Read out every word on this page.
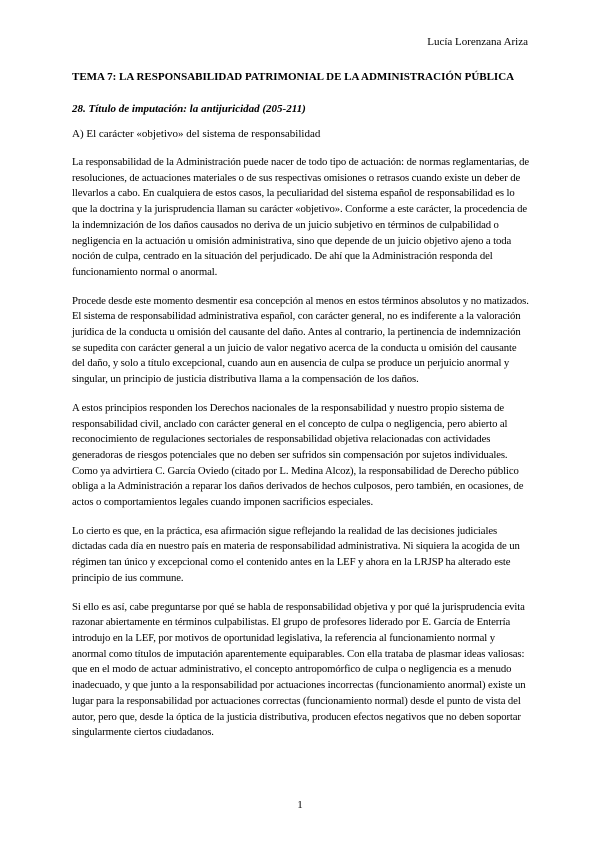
Lucía Lorenzana Ariza
TEMA 7: LA RESPONSABILIDAD PATRIMONIAL DE LA ADMINISTRACIÓN PÚBLICA
28. Título de imputación: la antijuricidad (205-211)
A) El carácter «objetivo» del sistema de responsabilidad

La responsabilidad de la Administración puede nacer de todo tipo de actuación: de normas reglamentarias, de resoluciones, de actuaciones materiales o de sus respectivas omisiones o retrasos cuando existe un deber de llevarlos a cabo. En cualquiera de estos casos, la peculiaridad del sistema español de responsabilidad es lo que la doctrina y la jurisprudencia llaman su carácter «objetivo». Conforme a este carácter, la procedencia de la indemnización de los daños causados no deriva de un juicio subjetivo en términos de culpabilidad o negligencia en la actuación u omisión administrativa, sino que depende de un juicio objetivo ajeno a toda noción de culpa, centrado en la situación del perjudicado. De ahí que la Administración responda del funcionamiento normal o anormal.

Procede desde este momento desmentir esa concepción al menos en estos términos absolutos y no matizados. El sistema de responsabilidad administrativa español, con carácter general, no es indiferente a la valoración jurídica de la conducta u omisión del causante del daño. Antes al contrario, la pertinencia de indemnización se supedita con carácter general a un juicio de valor negativo acerca de la conducta u omisión del causante del daño, y solo a título excepcional, cuando aun en ausencia de culpa se produce un perjuicio anormal y singular, un principio de justicia distributiva llama a la compensación de los daños.

A estos principios responden los Derechos nacionales de la responsabilidad y nuestro propio sistema de responsabilidad civil, anclado con carácter general en el concepto de culpa o negligencia, pero abierto al reconocimiento de regulaciones sectoriales de responsabilidad objetiva relacionadas con actividades generadoras de riesgos potenciales que no deben ser sufridos sin compensación por sujetos individuales. Como ya advirtiera C. García Oviedo (citado por L. Medina Alcoz), la responsabilidad de Derecho público obliga a la Administración a reparar los daños derivados de hechos culposos, pero también, en ocasiones, de actos o comportamientos legales cuando imponen sacrificios especiales.

Lo cierto es que, en la práctica, esa afirmación sigue reflejando la realidad de las decisiones judiciales dictadas cada día en nuestro país en materia de responsabilidad administrativa. Ni siquiera la acogida de un régimen tan único y excepcional como el contenido antes en la LEF y ahora en la LRJSP ha alterado este principio de ius commune.

Si ello es así, cabe preguntarse por qué se habla de responsabilidad objetiva y por qué la jurisprudencia evita razonar abiertamente en términos culpabilistas. El grupo de profesores liderado por E. García de Enterría introdujo en la LEF, por motivos de oportunidad legislativa, la referencia al funcionamiento normal y anormal como títulos de imputación aparentemente equiparables. Con ella trataba de plasmar ideas valiosas: que en el modo de actuar administrativo, el concepto antropomórfico de culpa o negligencia es a menudo inadecuado, y que junto a la responsabilidad por actuaciones incorrectas (funcionamiento anormal) existe un lugar para la responsabilidad por actuaciones correctas (funcionamiento normal) desde el punto de vista del autor, pero que, desde la óptica de la justicia distributiva, producen efectos negativos que no deben soportar singularmente ciertos ciudadanos.

1
